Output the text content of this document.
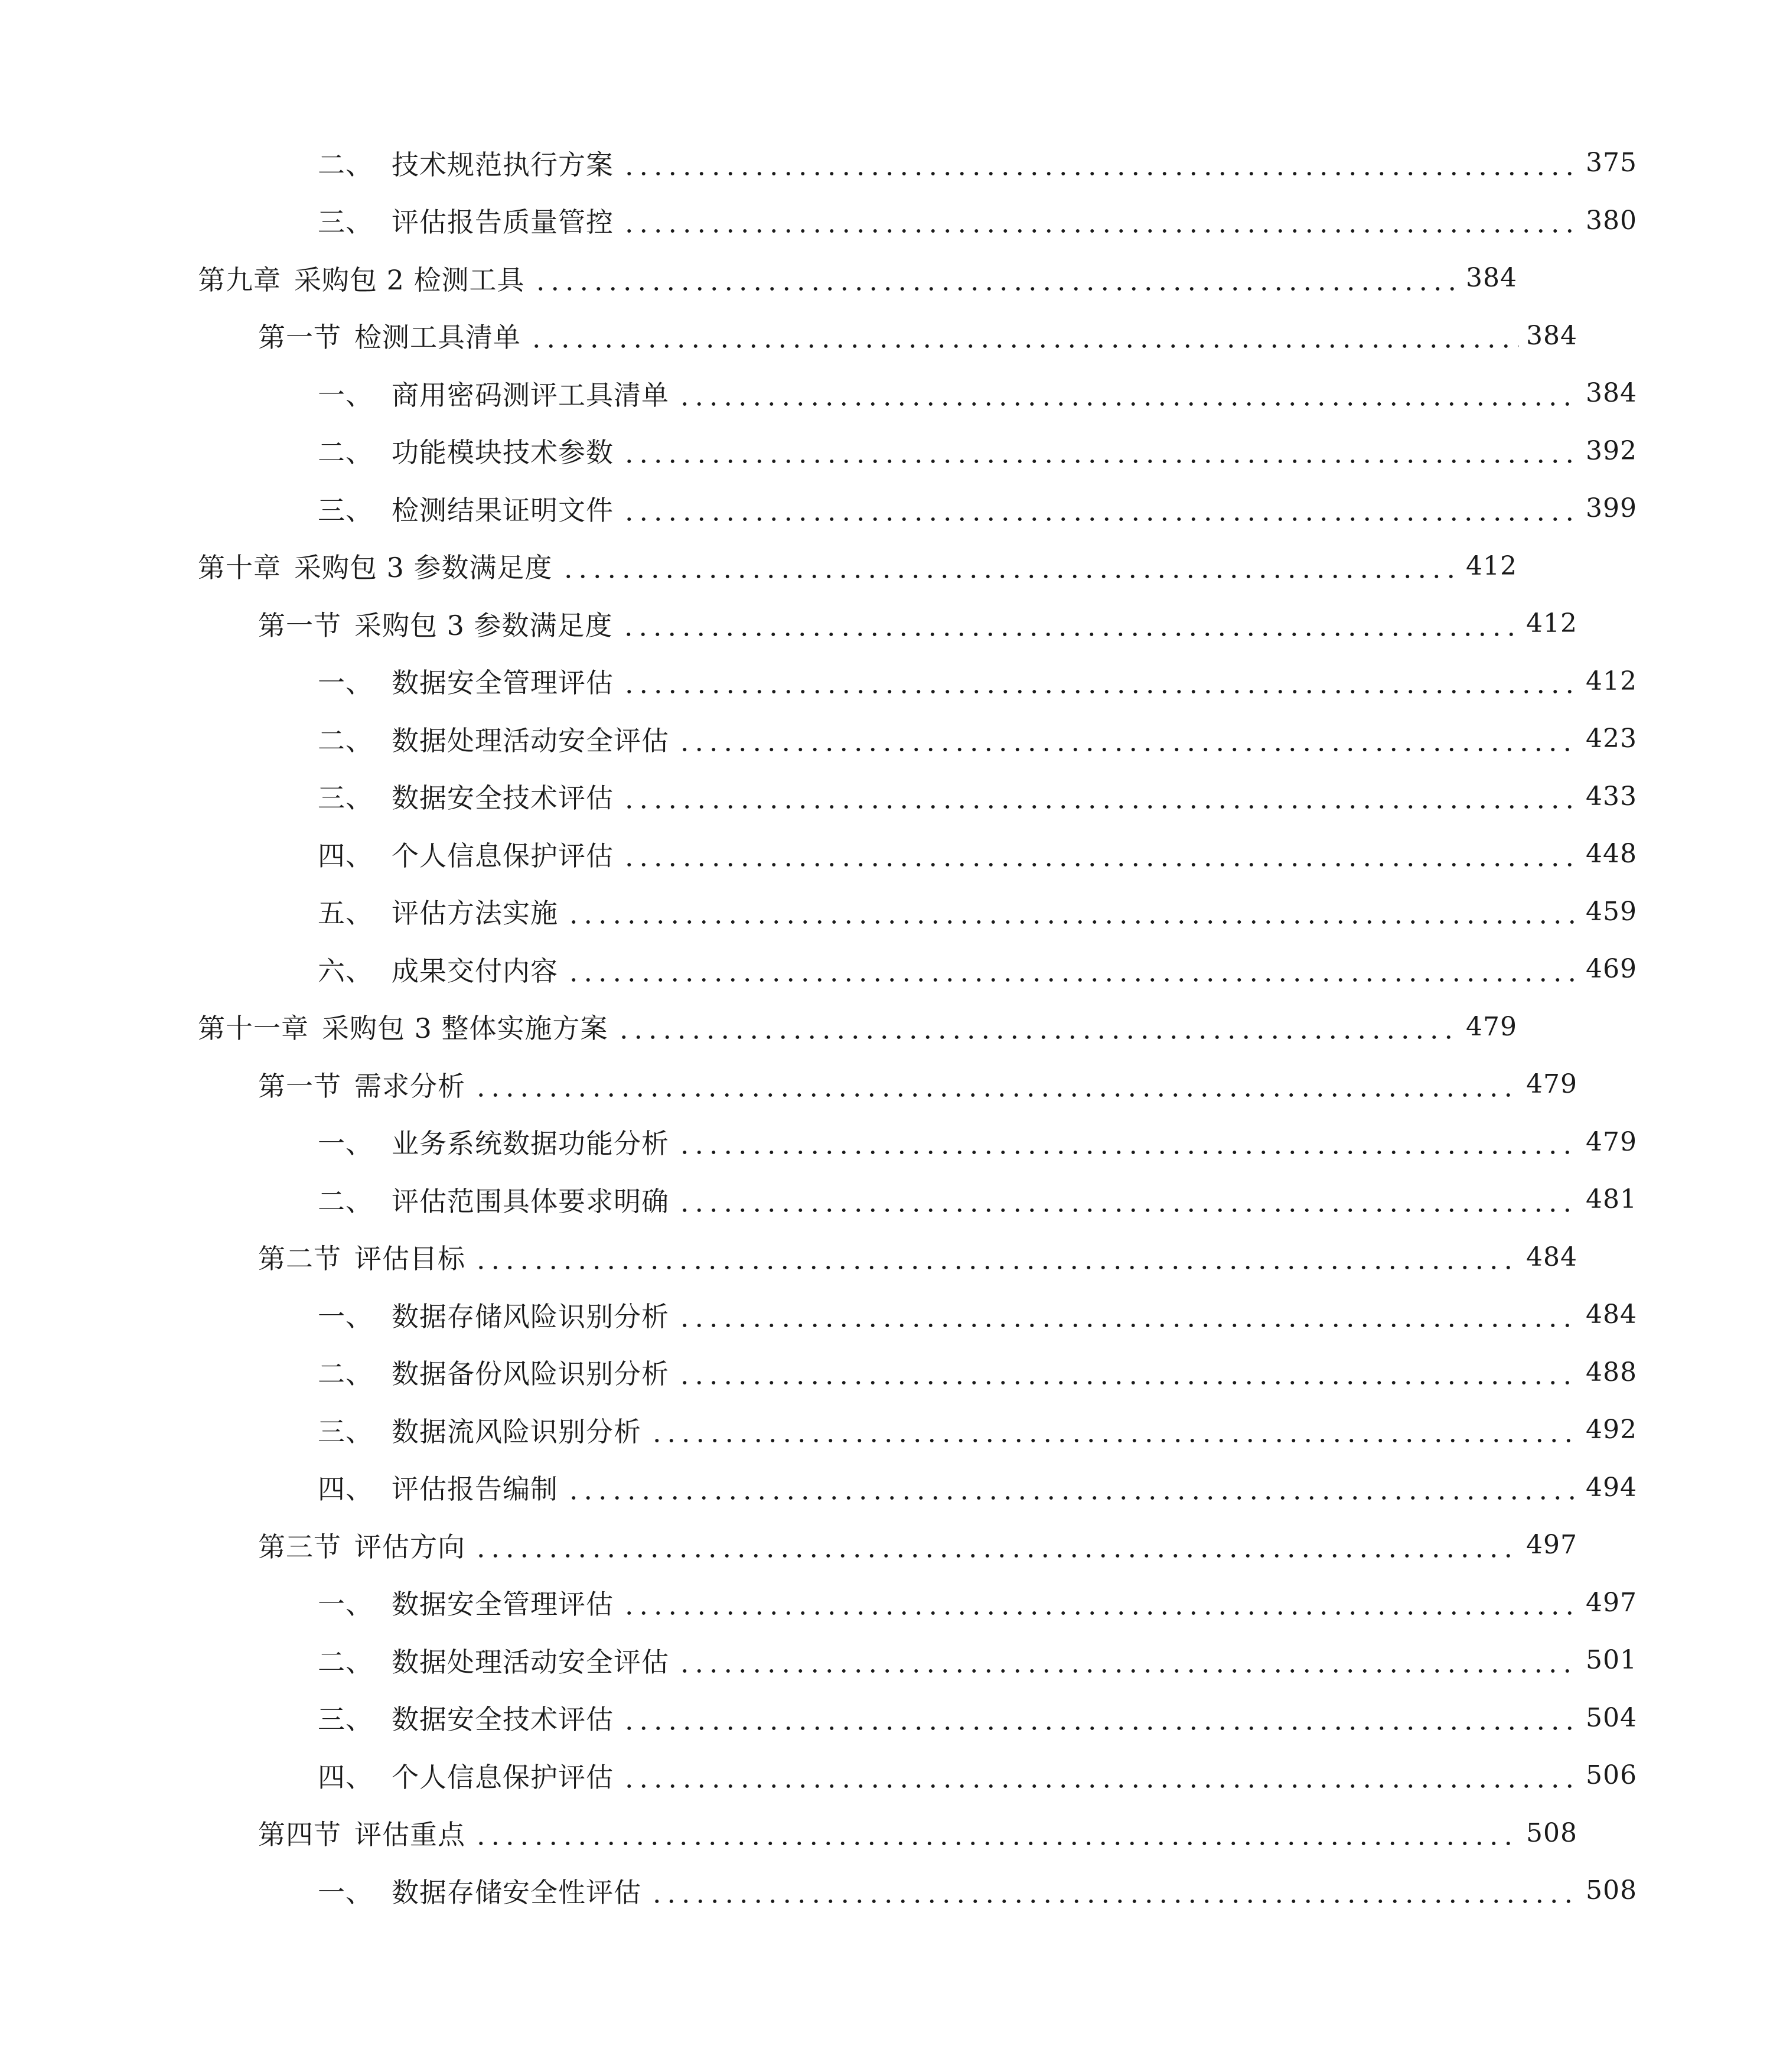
二、 技术规范执行方案	375
三、 评估报告质量管控	380
第九章 采购包 2 检测工具	384
第一节 检测工具清单	384
一、 商用密码测评工具清单	384
二、 功能模块技术参数	392
三、 检测结果证明文件	399
第十章 采购包 3 参数满足度	412
第一节 采购包 3 参数满足度	412
一、 数据安全管理评估	412
二、 数据处理活动安全评估	423
三、 数据安全技术评估	433
四、 个人信息保护评估	448
五、 评估方法实施	459
六、 成果交付内容	469
第十一章 采购包 3 整体实施方案	479
第一节 需求分析	479
一、 业务系统数据功能分析	479
二、 评估范围具体要求明确	481
第二节 评估目标	484
一、 数据存储风险识别分析	484
二、 数据备份风险识别分析	488
三、 数据流风险识别分析	492
四、 评估报告编制	494
第三节 评估方向	497
一、 数据安全管理评估	497
二、 数据处理活动安全评估	501
三、 数据安全技术评估	504
四、 个人信息保护评估	506
第四节 评估重点	508
一、 数据存储安全性评估	508
